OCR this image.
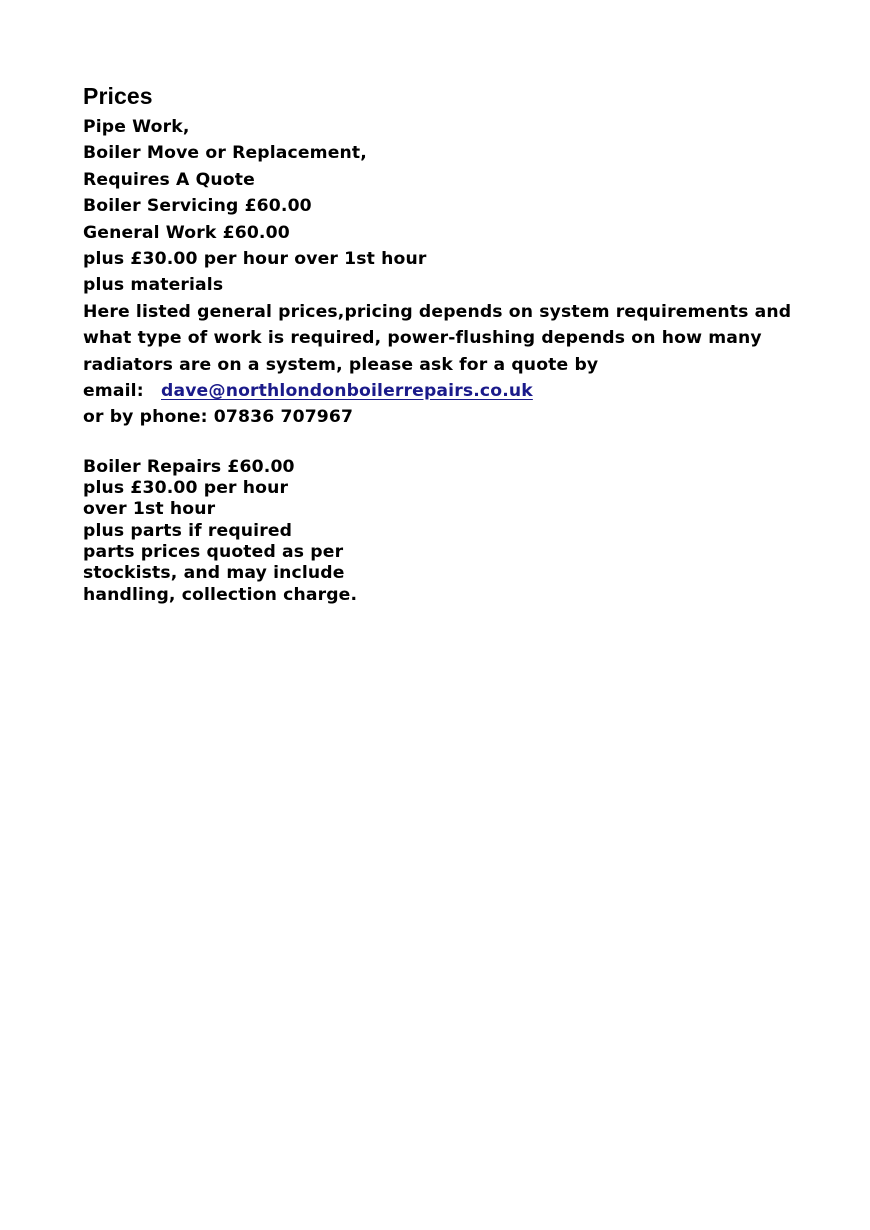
Prices
Pipe Work,
Boiler Move or Replacement,
Requires A Quote
Boiler Servicing £60.00
General Work £60.00
plus £30.00 per hour over 1st hour
plus materials
Here listed general prices,pricing depends on system requirements and
what type of work is required, power-flushing depends on how many
radiators are on a system, please ask for a quote by
email: dave@northlondonboilerrepairs.co.uk
or by phone: 07836 707967
Boiler Repairs £60.00
plus £30.00 per hour
over 1st hour
plus parts if required
parts prices quoted as per
stockists, and may include
handling, collection charge.
